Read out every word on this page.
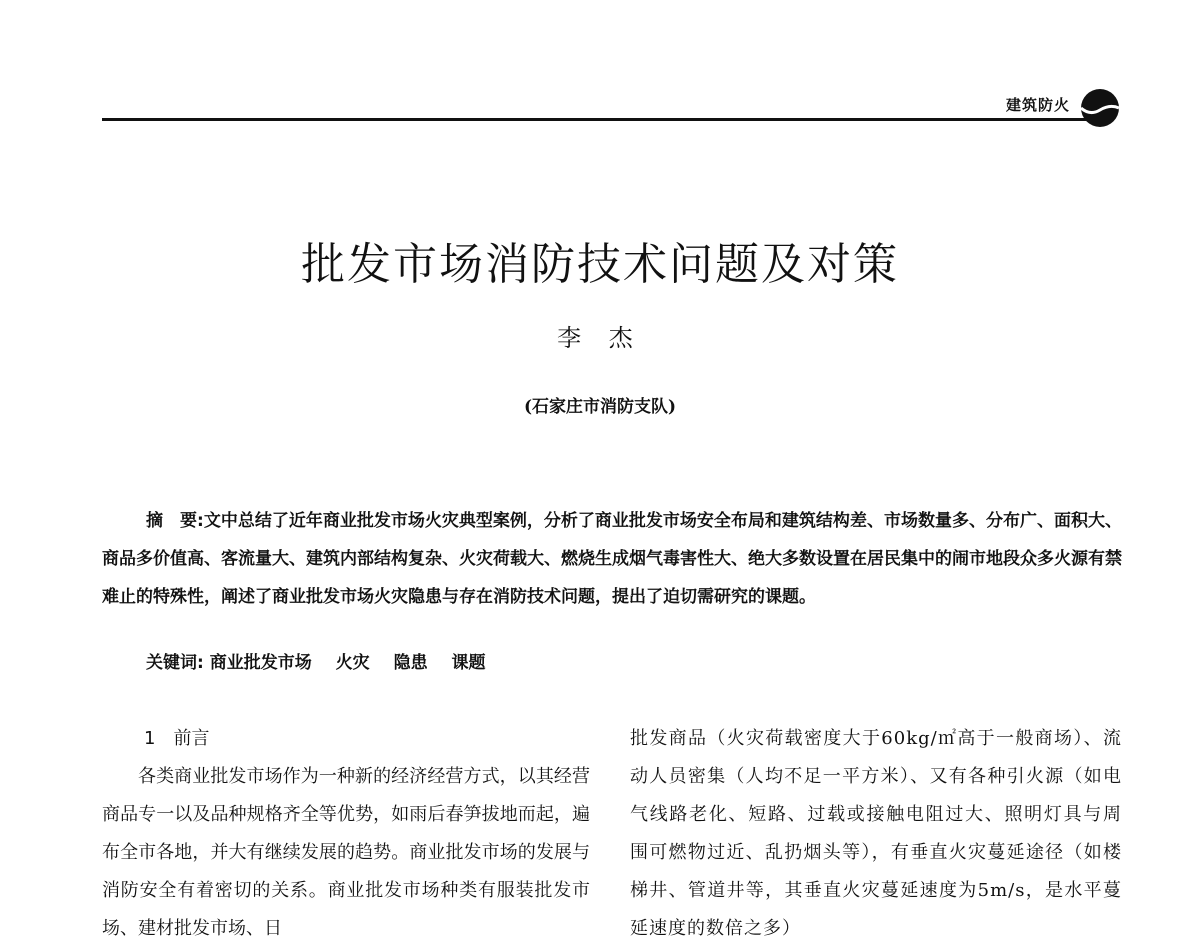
建筑防火
批发市场消防技术问题及对策
李 杰
(石家庄市消防支队)
摘　要:文中总结了近年商业批发市场火灾典型案例，分析了商业批发市场安全布局和建筑结构差、市场数量多、分布广、面积大、商品多价值高、客流量大、建筑内部结构复杂、火灾荷载大、燃烧生成烟气毒害性大、绝大多数设置在居民集中的闹市地段众多火源有禁难止的特殊性，阐述了商业批发市场火灾隐患与存在消防技术问题，提出了迫切需研究的课题。
关键词: 商业批发市场 火灾 隐患 课题

1　前言

各类商业批发市场作为一种新的经济经营方式，以其经营商品专一以及品种规格齐全等优势，如雨后春笋拔地而起，遍布全市各地，并大有继续发展的趋势。商业批发市场的发展与消防安全有着密切的关系。商业批发市场种类有服装批发市场、建材批发市场、日

批发商品（火灾荷载密度大于60kg/㎡高于一般商场）、流动人员密集（人均不足一平方米）、又有各种引火源（如电气线路老化、短路、过载或接触电阻过大、照明灯具与周围可燃物过近、乱扔烟头等），有垂直火灾蔓延途径（如楼梯井、管道井等，其垂直火灾蔓延速度为5m/s，是水平蔓延速度的数倍之多）
